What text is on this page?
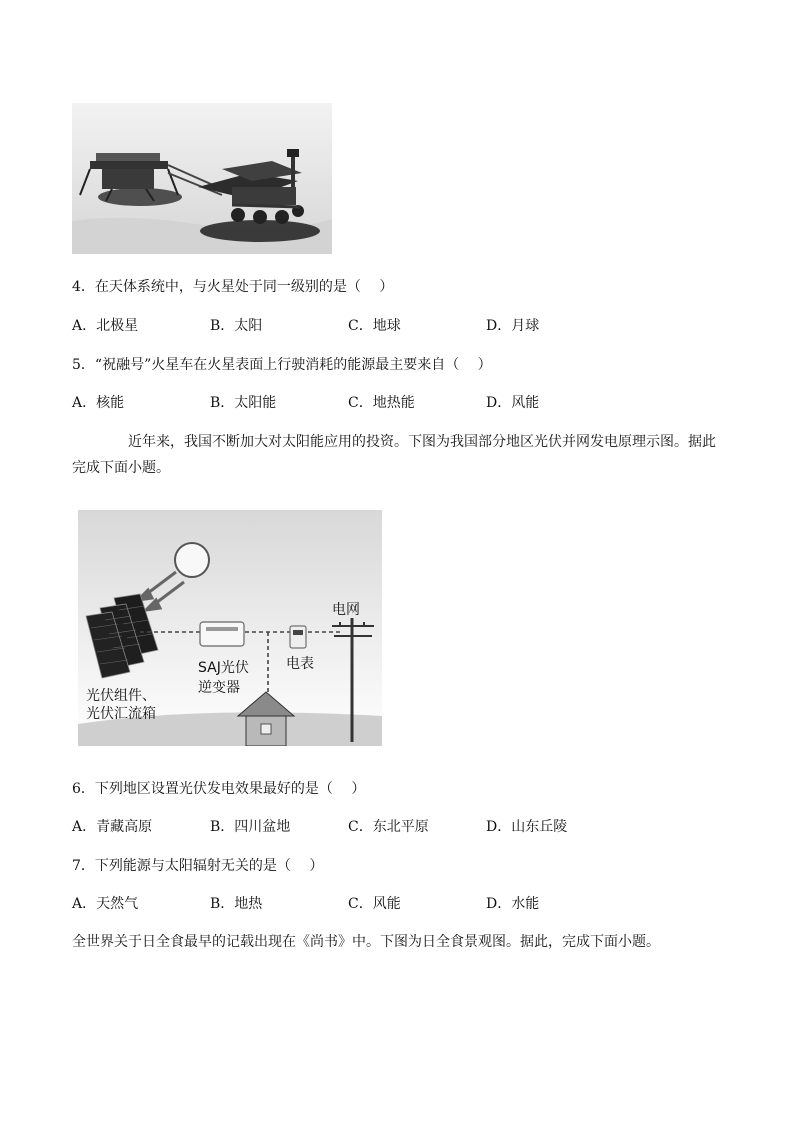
4．在天体系统中，与火星处于同一级别的是（　 ）
A．北极星	B．太阳	C．地球	D．月球
5．“祝融号”火星车在火星表面上行驶消耗的能源最主要来自（　 ）
A．核能	B．太阳能	C．地热能	D．风能
近年来，我国不断加大对太阳能应用的投资。下图为我国部分地区光伏并网发电原理示图。据此
完成下面小题。
电网
电表
SAJ光伏
逆变器
光伏组件、
光伏汇流箱
6．下列地区设置光伏发电效果最好的是（　 ）
A．青藏高原	B．四川盆地	C．东北平原	D．山东丘陵
7．下列能源与太阳辐射无关的是（　 ）
A．天然气	B．地热	C．风能	D．水能
全世界关于日全食最早的记载出现在《尚书》中。下图为日全食景观图。据此，完成下面小题。
